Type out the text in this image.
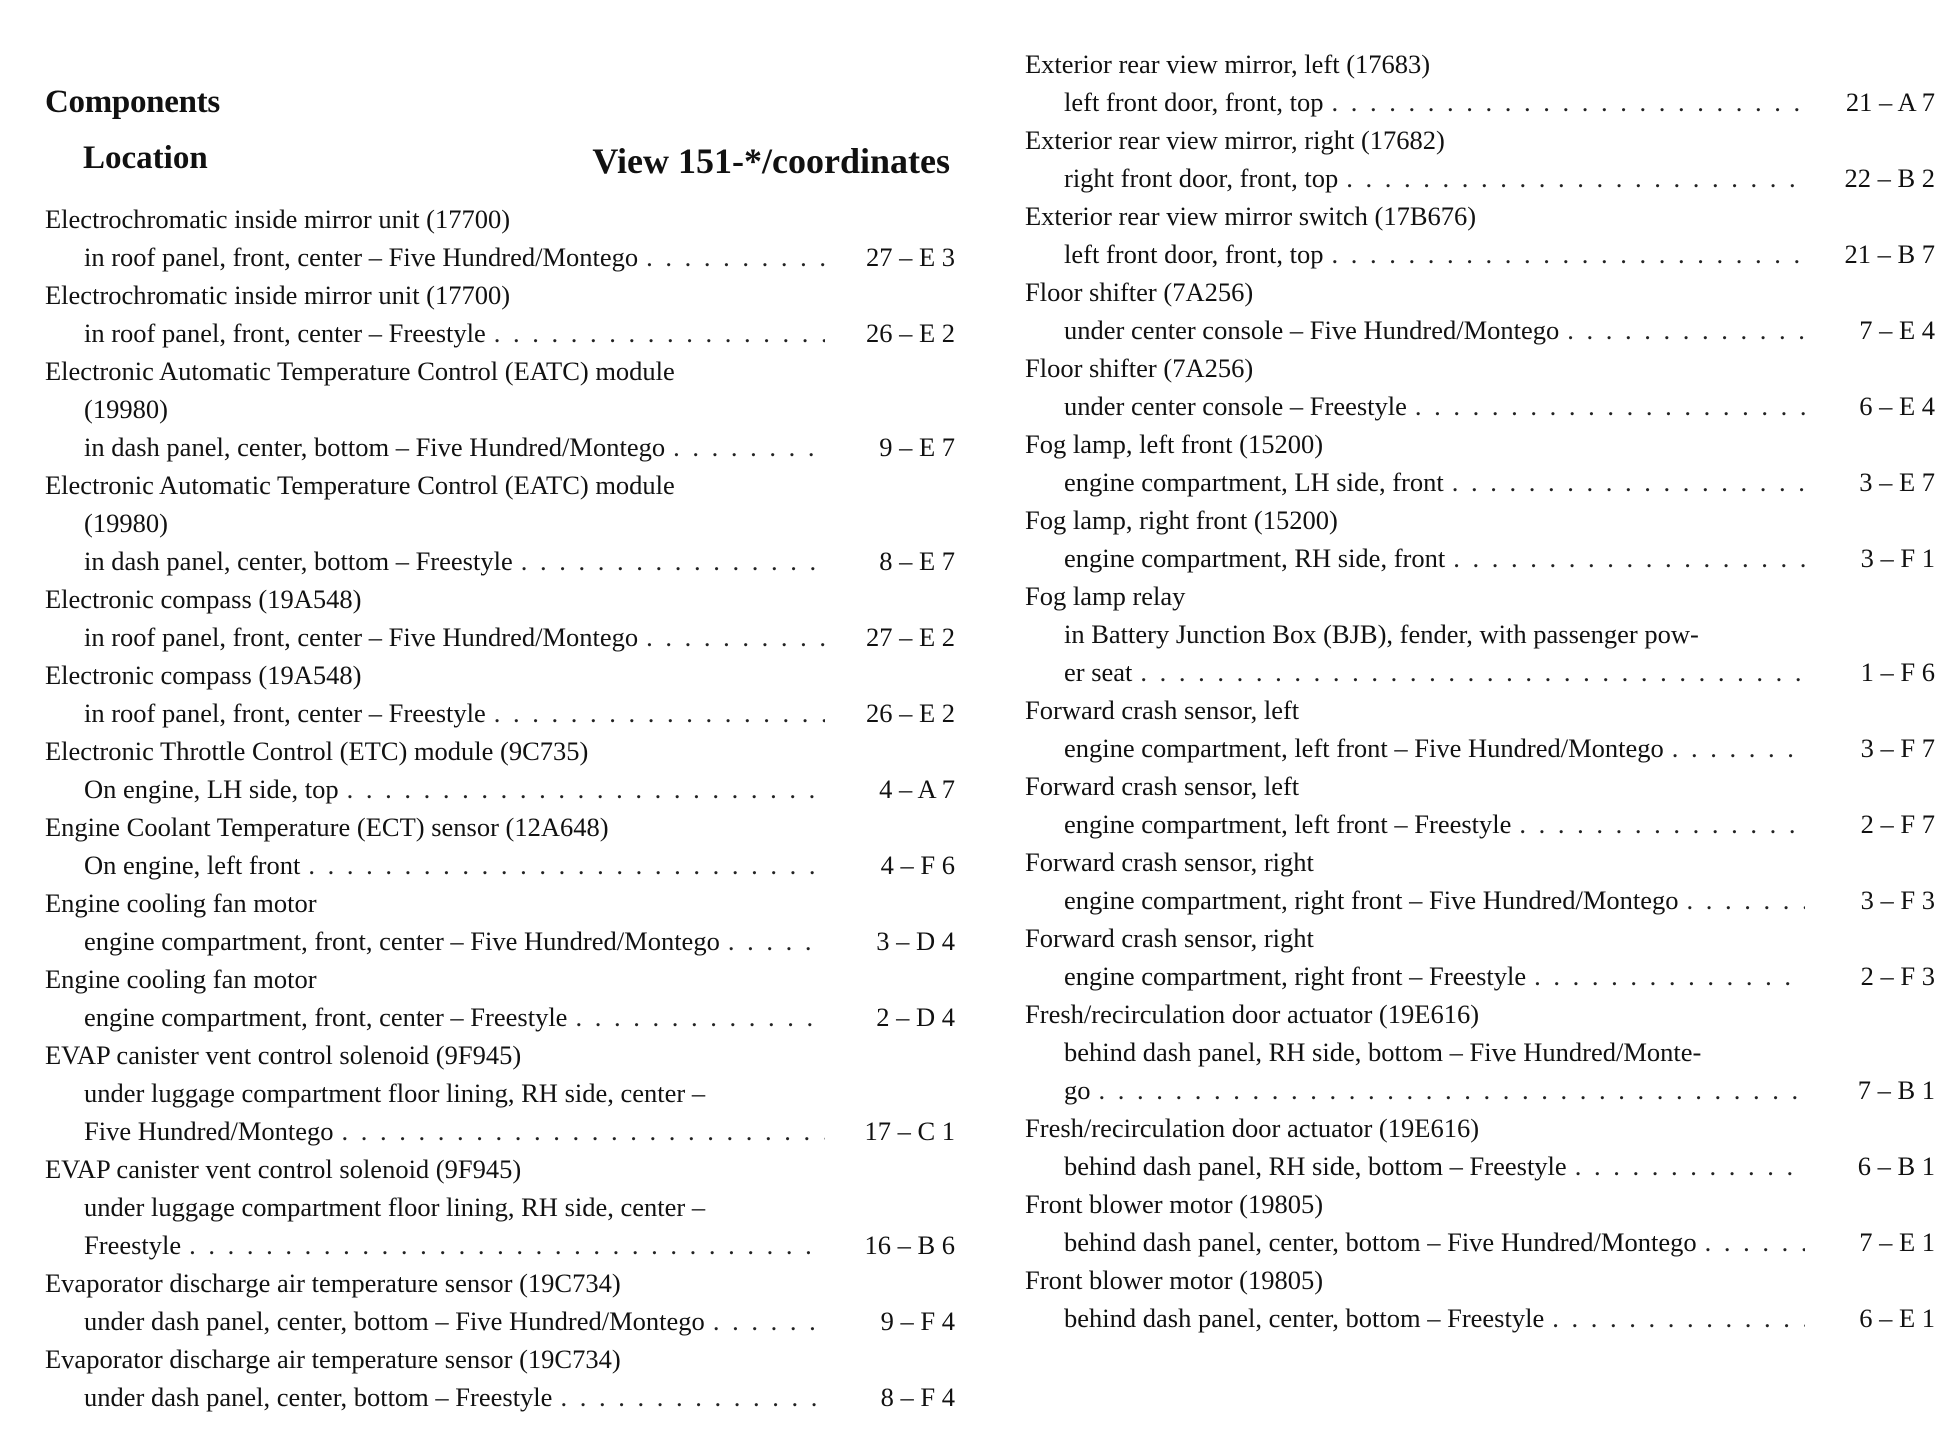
Components
Location	View 151-*/coordinates
Electrochromatic inside mirror unit (17700)
in roof panel, front, center – Five Hundred/Montego . . .	27 – E 3
Electrochromatic inside mirror unit (17700)
in roof panel, front, center – Freestyle . . .	26 – E 2
Electronic Automatic Temperature Control (EATC) module
(19980)
in dash panel, center, bottom – Five Hundred/Montego . . .	9 – E 7
Electronic Automatic Temperature Control (EATC) module
(19980)
in dash panel, center, bottom – Freestyle . . .	8 – E 7
Electronic compass (19A548)
in roof panel, front, center – Five Hundred/Montego . . .	27 – E 2
Electronic compass (19A548)
in roof panel, front, center – Freestyle . . .	26 – E 2
Electronic Throttle Control (ETC) module (9C735)
On engine, LH side, top . . .	4 – A 7
Engine Coolant Temperature (ECT) sensor (12A648)
On engine, left front . . .	4 – F 6
Engine cooling fan motor
engine compartment, front, center – Five Hundred/Montego . . .	3 – D 4
Engine cooling fan motor
engine compartment, front, center – Freestyle . . .	2 – D 4
EVAP canister vent control solenoid (9F945)
under luggage compartment floor lining, RH side, center –
Five Hundred/Montego . . .	17 – C 1
EVAP canister vent control solenoid (9F945)
under luggage compartment floor lining, RH side, center –
Freestyle . . .	16 – B 6
Evaporator discharge air temperature sensor (19C734)
under dash panel, center, bottom – Five Hundred/Montego . . .	9 – F 4
Evaporator discharge air temperature sensor (19C734)
under dash panel, center, bottom – Freestyle . . .	8 – F 4
Exterior rear view mirror, left (17683)
left front door, front, top . . .	21 – A 7
Exterior rear view mirror, right (17682)
right front door, front, top . . .	22 – B 2
Exterior rear view mirror switch (17B676)
left front door, front, top . . .	21 – B 7
Floor shifter (7A256)
under center console – Five Hundred/Montego . . .	7 – E 4
Floor shifter (7A256)
under center console – Freestyle . . .	6 – E 4
Fog lamp, left front (15200)
engine compartment, LH side, front . . .	3 – E 7
Fog lamp, right front (15200)
engine compartment, RH side, front . . .	3 – F 1
Fog lamp relay
in Battery Junction Box (BJB), fender, with passenger pow-
er seat . . .	1 – F 6
Forward crash sensor, left
engine compartment, left front – Five Hundred/Montego . . .	3 – F 7
Forward crash sensor, left
engine compartment, left front – Freestyle . . .	2 – F 7
Forward crash sensor, right
engine compartment, right front – Five Hundred/Montego . . .	3 – F 3
Forward crash sensor, right
engine compartment, right front – Freestyle . . .	2 – F 3
Fresh/recirculation door actuator (19E616)
behind dash panel, RH side, bottom – Five Hundred/Monte-
go . . .	7 – B 1
Fresh/recirculation door actuator (19E616)
behind dash panel, RH side, bottom – Freestyle . . .	6 – B 1
Front blower motor (19805)
behind dash panel, center, bottom – Five Hundred/Montego . . .	7 – E 1
Front blower motor (19805)
behind dash panel, center, bottom – Freestyle . . .	6 – E 1
